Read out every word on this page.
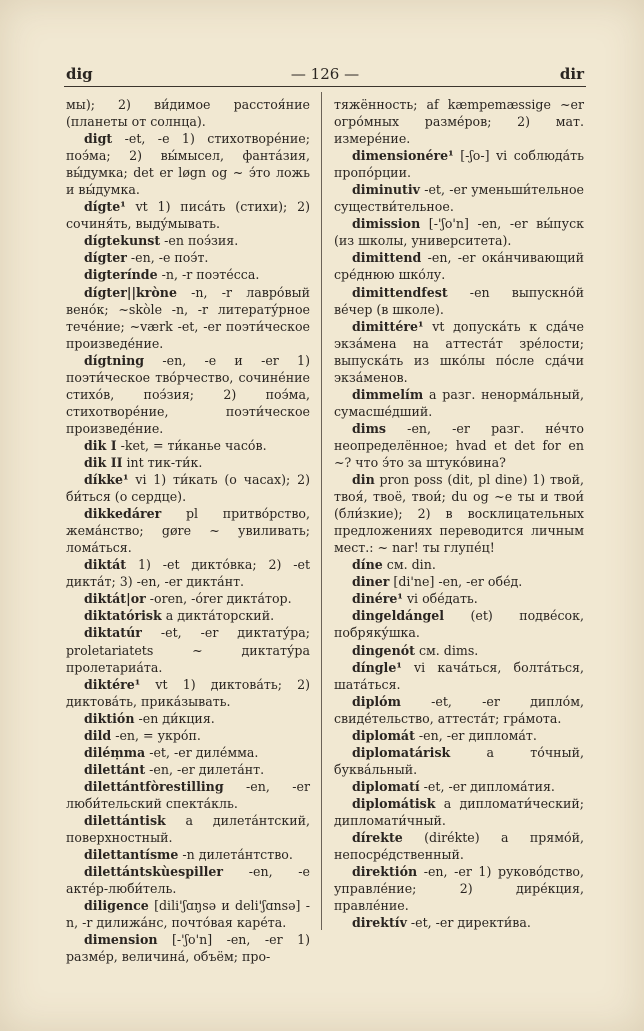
dig	— 126 —	dir

мы); 2) ви́димое расстоя́ние (планеты от солнца).

digt -et, -e 1) стихотворе́ние; поэ́ма; 2) вы́мысел, фанта́зия, вы́думка; det er løgn og ~ э́то ложь и вы́думка.

dígte¹ vt 1) писа́ть (стихи); 2) сочиня́ть, выду́мывать.

dígtekunst -en поэ́зия.

dígter -en, -e поэ́т.

digterínde -n, -r поэте́сса.

dígter||kròne -n, -r лавро́вый вено́к; ~skòle -n, -r литерату́рное тече́ние; ~værk -et, -er поэти́ческое произведе́ние.

dígtning -en, -e и -er 1) поэти́ческое тво́рчество, сочине́ние стихо́в, поэ́зия; 2) поэ́ма, стихотворе́ние, поэти́ческое произведе́ние.

dik I -ket, = ти́канье часо́в.

dik II int тик-ти́к.

díkke¹ vi 1) ти́кать (о часах); 2) би́ться (о сердце).

dikkedárer pl притво́рство, жема́нство; gøre ~ увиливать; лома́ться.

diktát 1) -et дикто́вка; 2) -et дикта́т; 3) -en, -er дикта́нт.

diktát|or -oren, -órer дикта́тор.

diktatórisk a дикта́торский.

diktatúr -et, -er диктату́ра; proletariatets ~ диктату́ра пролетариа́та.

diktére¹ vt 1) диктова́ть; 2) диктова́ть, прика́зывать.

diktión -en ди́кция.

dild -en, = укро́п.

diléṃma -et, -er диле́мма.

dilettánt -en, -er дилета́нт.

dilettántfòrestilling -en, -er люби́тельский спекта́кль.

dilettántisk a дилета́нтский, поверхностный.

dilettantísme -n дилета́нтство.

dilettántskùespiller -en, -e акте́р-люби́тель.

diligence [dili'ʃɑŋsə и deli'ʃɑnsə] -n, -r дилижа́нс, почто́вая каре́та.

dimension [-'ʃo'n] -en, -er 1) разме́р, величина́, объём; про-

тяжённость; af kæmpemæssige ~er огро́мных разме́ров; 2) мат. измере́ние.

dimensionére¹ [-ʃo-] vi соблюда́ть пропо́рции.

diminutiv -et, -er уменьши́тельное существи́тельное.

dimission [-'ʃo'n] -en, -er вы́пуск (из школы, университета).

dimittend -en, -er ока́нчивающий сре́днюю шко́лу.

dimittendfest -en выпускно́й ве́чер (в школе).

dimittére¹ vt допуска́ть к сда́че экза́мена на аттеста́т зре́лости; выпуска́ть из шко́лы по́сле сда́чи экза́менов.

dimmelím a разг. ненорма́льный, сумасше́дший.

dims -en, -er разг. не́что неопределённое; hvad et det for en ~? что э́то за штуко́вина?

din pron poss (dit, pl dine) 1) твой, твоя́, твоё, твои́; du og ~e ты и твои́ (бли́зкие); 2) в восклицательных предложениях переводится личным мест.: ~ nar! ты глупе́ц!

díne см. din.

diner [di'ne] -en, -er обе́д.

dinére¹ vi обе́дать.

dingeldángel (et) подве́сок, побряку́шка.

dingenót см. dims.

díngle¹ vi кача́ться, болта́ться, шата́ться.

diplóm -et, -er дипло́м, свиде́тельство, аттеста́т; гра́мота.

diplomát -en, -er диплома́т.

diplomatárisk a то́чный, буква́льный.

diplomatí -et, -er диплома́тия.

diplomátisk a дипломати́ческий; дипломати́чный.

dírekte (dirékte) a прямо́й, непосре́дственный.

direktión -en, -er 1) руково́дство, управле́ние; 2) дире́кция, правле́ние.

direktív -et, -er директи́ва.
